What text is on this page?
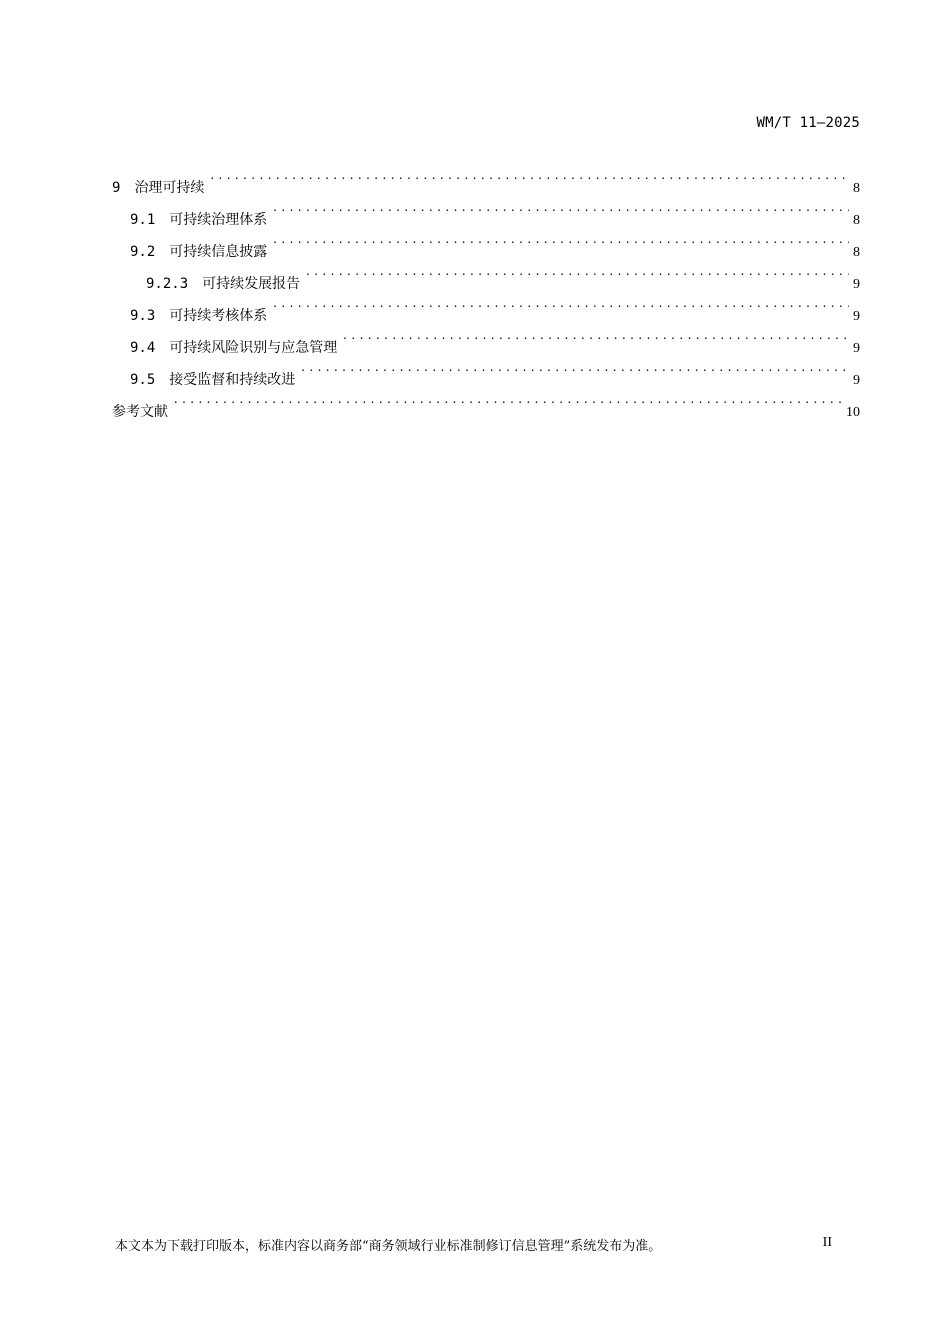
WM/T 11—2025
9 治理可持续 . . .	8
9.1 可持续治理体系 . . .	8
9.2 可持续信息披露 . . .	8
9.2.3 可持续发展报告 . . .	9
9.3 可持续考核体系 . . .	9
9.4 可持续风险识别与应急管理 . . .	9
9.5 接受监督和持续改进 . . .	9
参考文献 . . .	10
本文本为下载打印版本，标准内容以商务部“商务领域行业标准制修订信息管理”系统发布为准。	II
